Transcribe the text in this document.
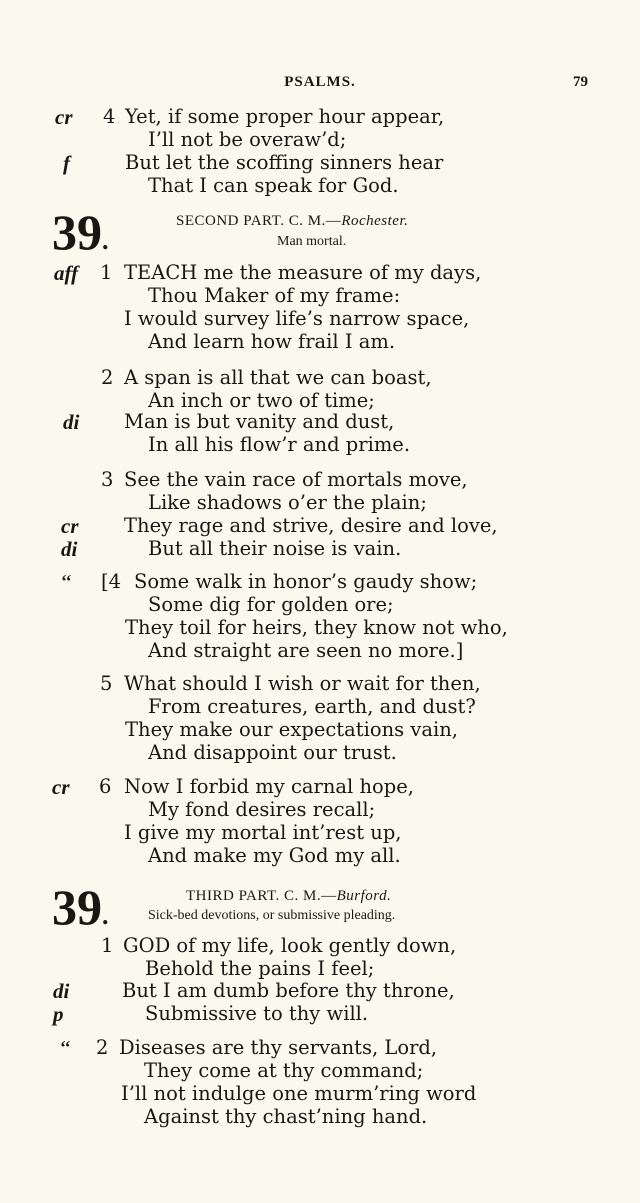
PSALMS.	79
cr 4 Yet, if some proper hour appear,
I’ll not be overaw’d;
f	But let the scoffing sinners hear
That I can speak for God.
39.
SECOND PART. C. M.—Rochester.
Man mortal.
aff 1 TEACH me the measure of my days,
Thou Maker of my frame:
I would survey life’s narrow space,
And learn how frail I am.
2 A span is all that we can boast,
An inch or two of time;
di Man is but vanity and dust,
In all his flow’r and prime.
3 See the vain race of mortals move,
Like shadows o’er the plain;
cr They rage and strive, desire and love,
di	But all their noise is vain.
‘‘ [4 Some walk in honor’s gaudy show;
Some dig for golden ore;
They toil for heirs, they know not who,
And straight are seen no more.]
5 What should I wish or wait for then,
From creatures, earth, and dust?
They make our expectations vain,
And disappoint our trust.
cr 6 Now I forbid my carnal hope,
My fond desires recall;
I give my mortal int’rest up,
And make my God my all.
39.
THIRD PART. C. M.—Burford.
Sick-bed devotions, or submissive pleading.
1 GOD of my life, look gently down,
Behold the pains I feel;
di	But I am dumb before thy throne,
p	Submissive to thy will.
‘‘ 2 Diseases are thy servants, Lord,
They come at thy command;
I’ll not indulge one murm’ring word
Against thy chast’ning hand.
